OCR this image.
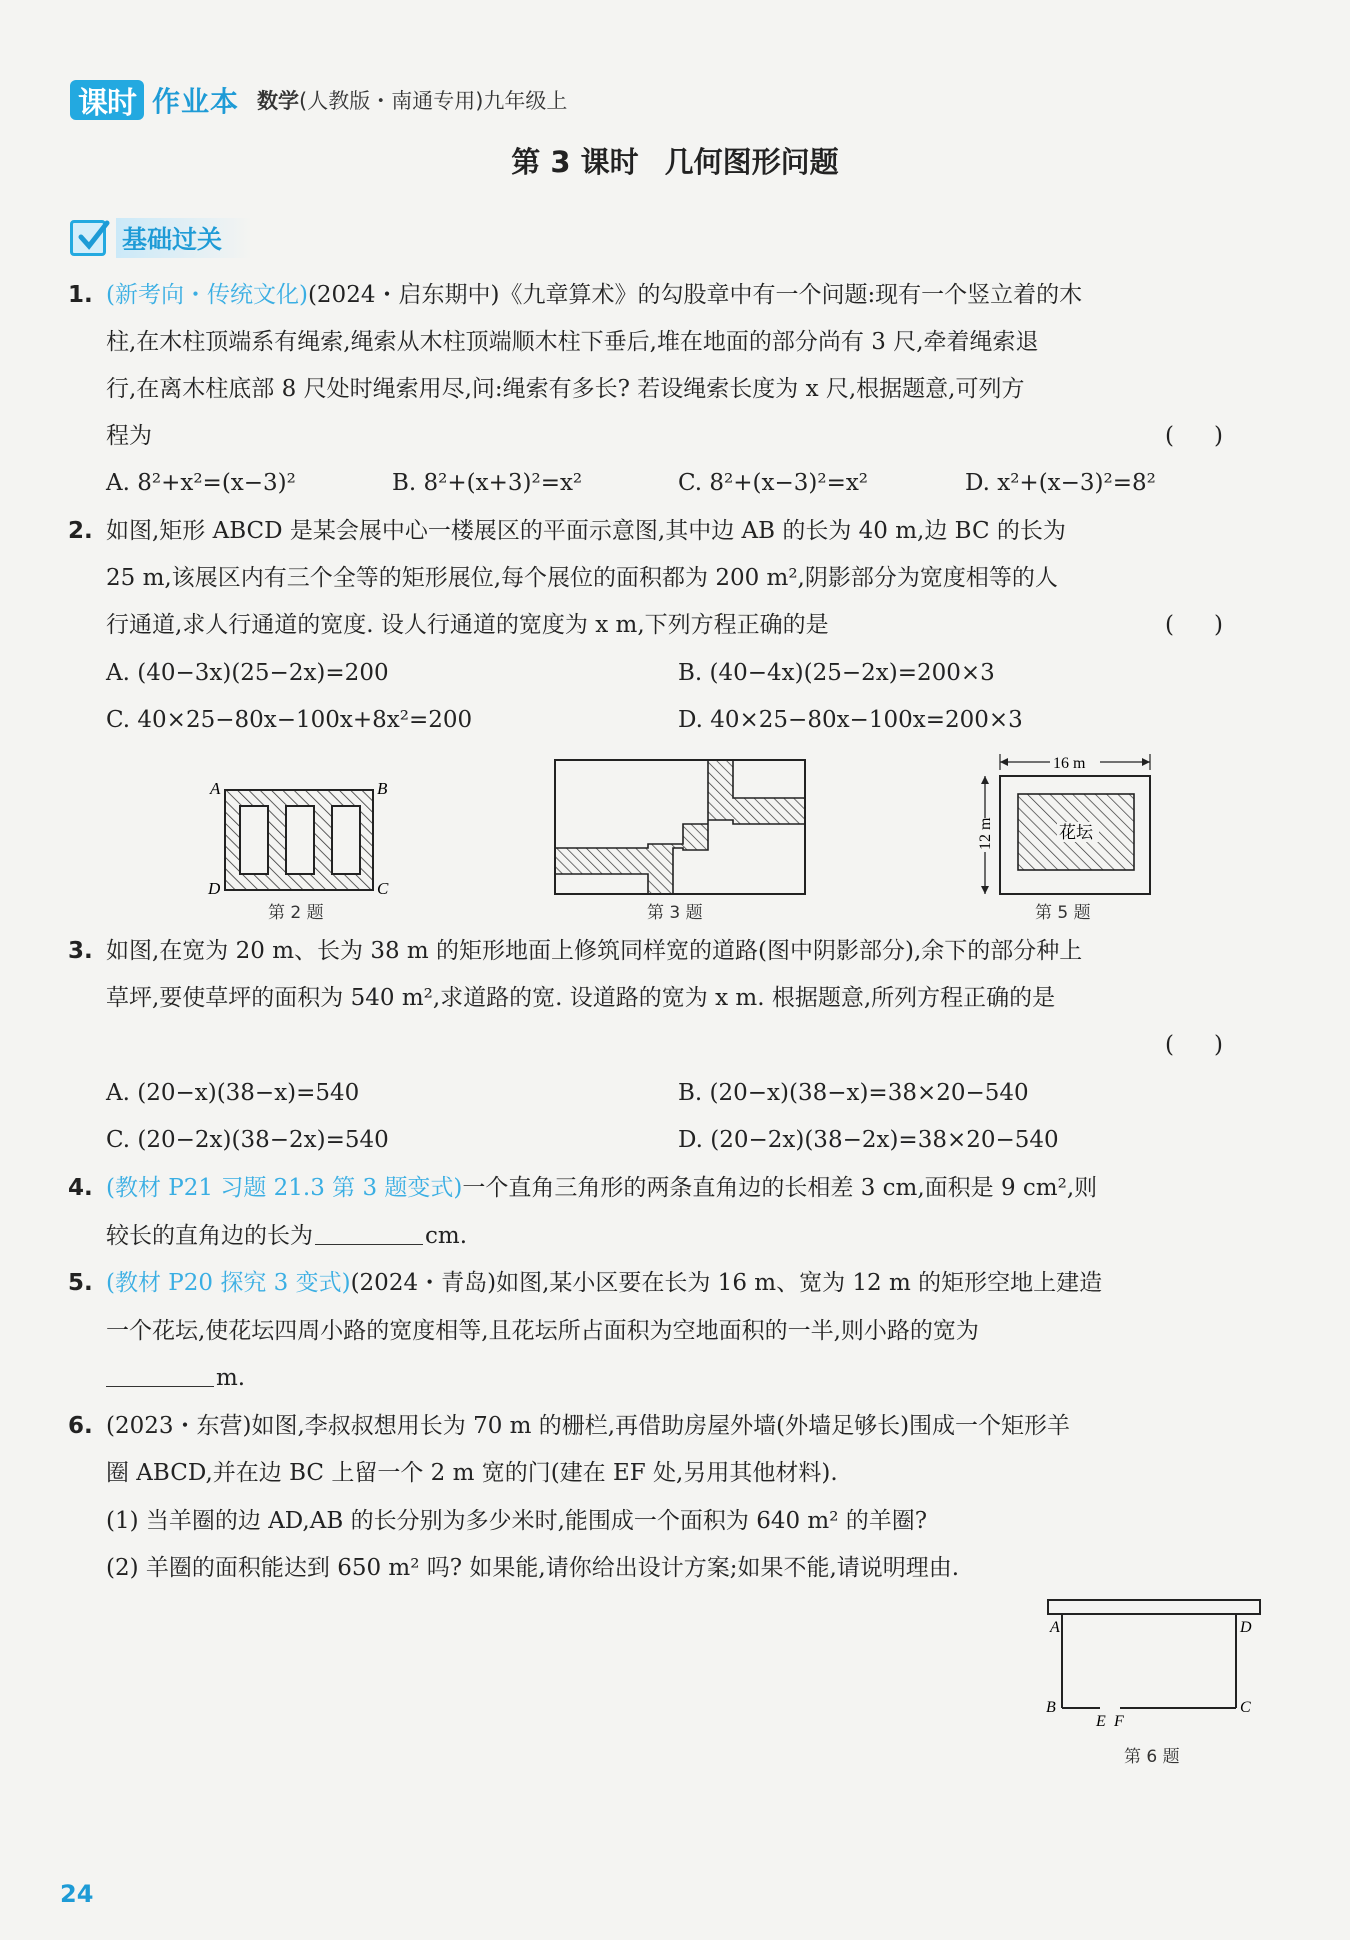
课时 作业本 数学(人教版・南通专用)九年级上
第 3 课时 几何图形问题
基础过关
1. (新考向・传统文化)(2024・启东期中)《九章算术》的勾股章中有一个问题:现有一个竖立着的木
柱,在木柱顶端系有绳索,绳索从木柱顶端顺木柱下垂后,堆在地面的部分尚有 3 尺,牵着绳索退
行,在离木柱底部 8 尺处时绳索用尽,问:绳索有多长? 若设绳索长度为 x 尺,根据题意,可列方
程为	()
A. 8²+x²=(x−3)²	B. 8²+(x+3)²=x²	C. 8²+(x−3)²=x²	D. x²+(x−3)²=8²
2. 如图,矩形 ABCD 是某会展中心一楼展区的平面示意图,其中边 AB 的长为 40 m,边 BC 的长为
25 m,该展区内有三个全等的矩形展位,每个展位的面积都为 200 m²,阴影部分为宽度相等的人
行通道,求人行通道的宽度. 设人行通道的宽度为 x m,下列方程正确的是	()
A. (40−3x)(25−2x)=200	B. (40−4x)(25−2x)=200×3
C. 40×25−80x−100x+8x²=200	D. 40×25−80x−100x=200×3
A	B
C
D
第 2 题	第 3 题
16 m
12 m	花坛
第 5 题
3. 如图,在宽为 20 m、长为 38 m 的矩形地面上修筑同样宽的道路(图中阴影部分),余下的部分种上
草坪,要使草坪的面积为 540 m²,求道路的宽. 设道路的宽为 x m. 根据题意,所列方程正确的是
()
A. (20−x)(38−x)=540	B. (20−x)(38−x)=38×20−540
C. (20−2x)(38−2x)=540	D. (20−2x)(38−2x)=38×20−540
4. (教材 P21 习题 21.3 第 3 题变式)一个直角三角形的两条直角边的长相差 3 cm,面积是 9 cm²,则
较长的直角边的长为	cm.
5. (教材 P20 探究 3 变式)(2024・青岛)如图,某小区要在长为 16 m、宽为 12 m 的矩形空地上建造
一个花坛,使花坛四周小路的宽度相等,且花坛所占面积为空地面积的一半,则小路的宽为
m.
6. (2023・东营)如图,李叔叔想用长为 70 m 的栅栏,再借助房屋外墙(外墙足够长)围成一个矩形羊
圈 ABCD,并在边 BC 上留一个 2 m 宽的门(建在 EF 处,另用其他材料).
(1) 当羊圈的边 AD,AB 的长分别为多少米时,能围成一个面积为 640 m² 的羊圈?
(2) 羊圈的面积能达到 650 m² 吗? 如果能,请你给出设计方案;如果不能,请说明理由.
A	D
B	C
E F
第 6 题
24
